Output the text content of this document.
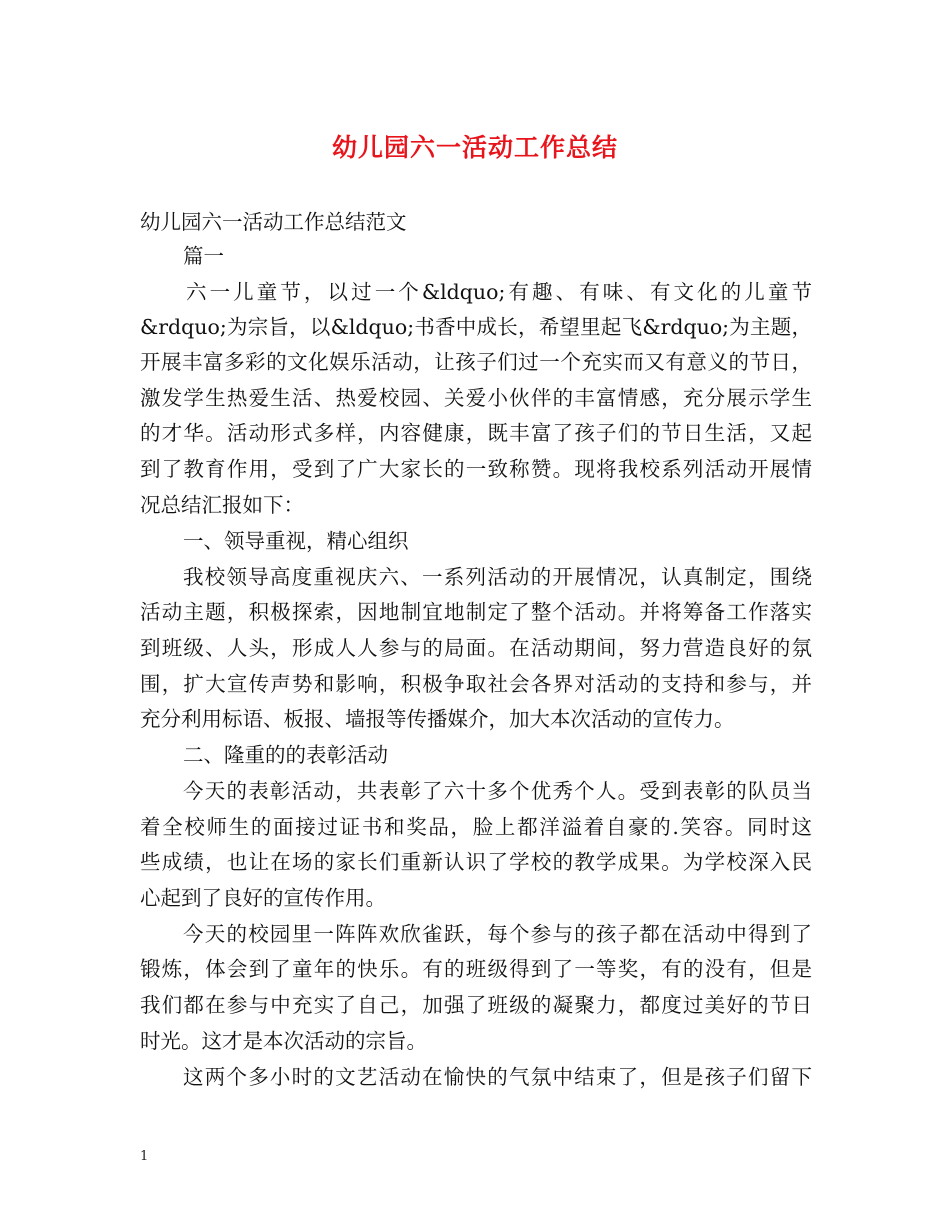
幼儿园六一活动工作总结
幼儿园六一活动工作总结范文
篇一
六一儿童节，以过一个&ldquo;有趣、有味、有文化的儿童节
&rdquo;为宗旨，以&ldquo;书香中成长，希望里起飞&rdquo;为主题，
开展丰富多彩的文化娱乐活动，让孩子们过一个充实而又有意义的节日，
激发学生热爱生活、热爱校园、关爱小伙伴的丰富情感，充分展示学生
的才华。活动形式多样，内容健康，既丰富了孩子们的节日生活，又起
到了教育作用，受到了广大家长的一致称赞。现将我校系列活动开展情
况总结汇报如下：
一、领导重视，精心组织
我校领导高度重视庆六、一系列活动的开展情况，认真制定，围绕
活动主题，积极探索，因地制宜地制定了整个活动。并将筹备工作落实
到班级、人头，形成人人参与的局面。在活动期间，努力营造良好的氛
围，扩大宣传声势和影响，积极争取社会各界对活动的支持和参与，并
充分利用标语、板报、墙报等传播媒介，加大本次活动的宣传力。
二、隆重的的表彰活动
今天的表彰活动，共表彰了六十多个优秀个人。受到表彰的队员当
着全校师生的面接过证书和奖品，脸上都洋溢着自豪的.笑容。同时这
些成绩，也让在场的家长们重新认识了学校的教学成果。为学校深入民
心起到了良好的宣传作用。
今天的校园里一阵阵欢欣雀跃，每个参与的孩子都在活动中得到了
锻炼，体会到了童年的快乐。有的班级得到了一等奖，有的没有，但是
我们都在参与中充实了自己，加强了班级的凝聚力，都度过美好的节日
时光。这才是本次活动的宗旨。
这两个多小时的文艺活动在愉快的气氛中结束了，但是孩子们留下
1
